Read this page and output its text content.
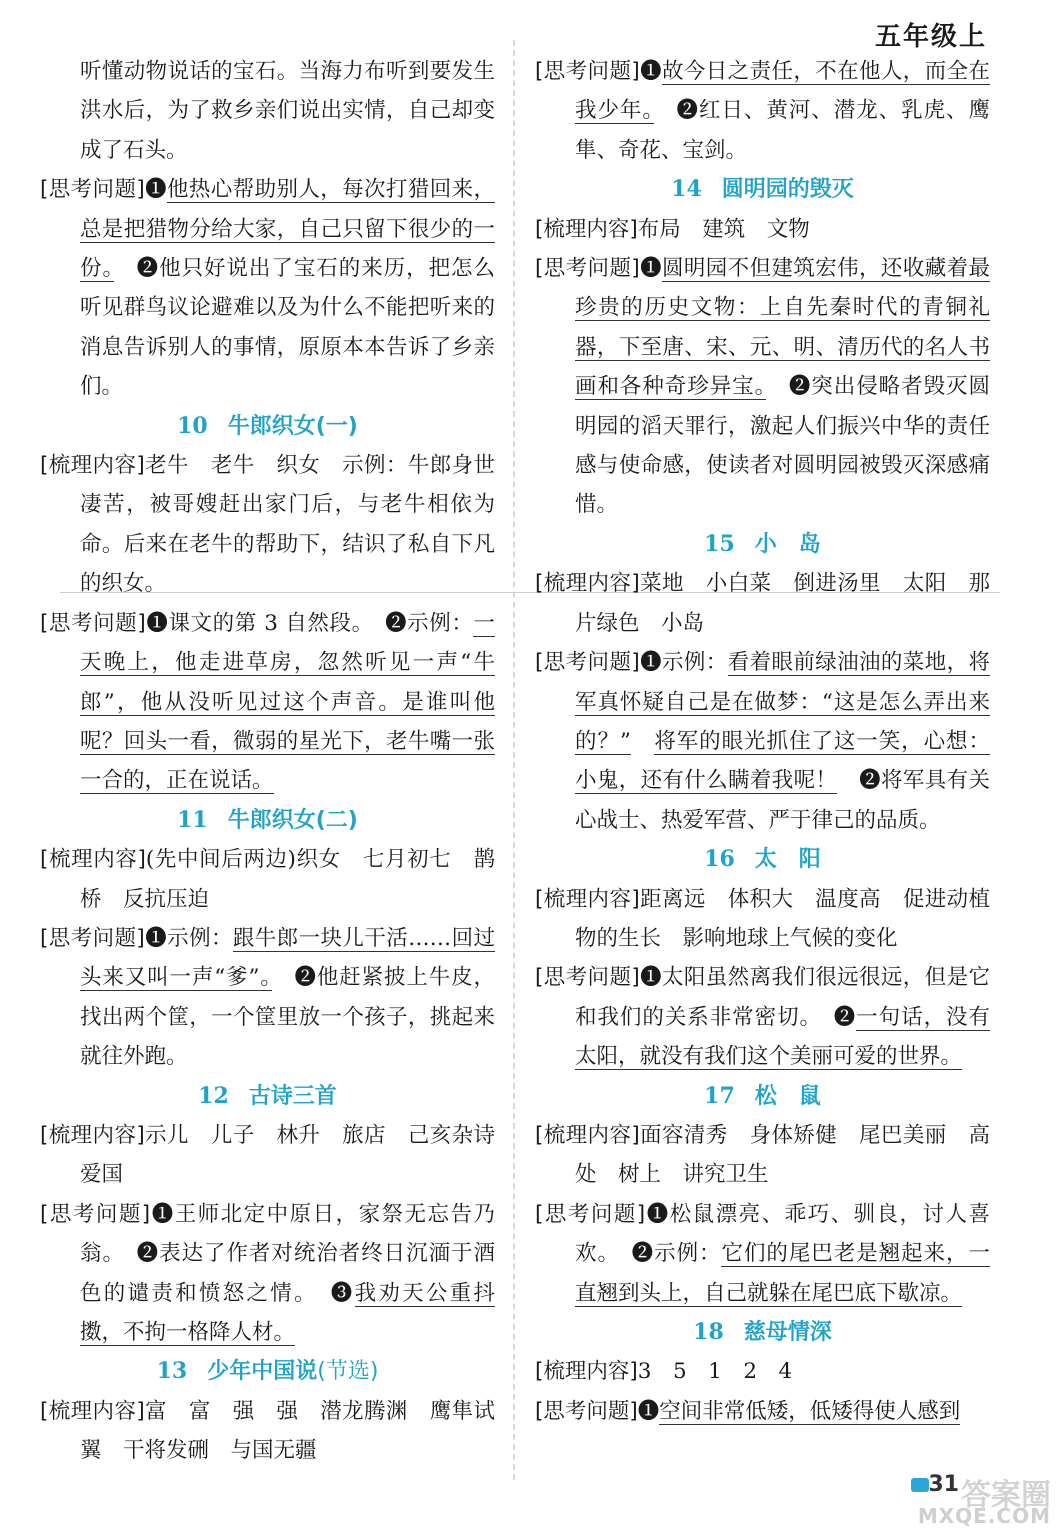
五年级上

听懂动物说话的宝石。当海力布听到要发生洪水后，为了救乡亲们说出实情，自己却变成了石头。

[思考问题]❶他热心帮助别人，每次打猎回来，总是把猎物分给大家，自己只留下很少的一份。　 ❷他只好说出了宝石的来历，把怎么听见群鸟议论避难以及为什么不能把听来的消息告诉别人的事情，原原本本告诉了乡亲们。

10 牛郎织女(一)

[梳理内容]老牛　老牛　织女　示例：牛郎身世凄苦，被哥嫂赶出家门后，与老牛相依为命。后来在老牛的帮助下，结识了私自下凡的织女。

[思考问题]❶课文的第 3 自然段。　 ❷示例：一天晚上，他走进草房，忽然听见一声“牛郎”，他从没听见过这个声音。是谁叫他呢？回头一看，微弱的星光下，老牛嘴一张一合的，正在说话。

11 牛郎织女(二)

[梳理内容](先中间后两边)织女　七月初七　鹊桥　反抗压迫

[思考问题]❶示例：跟牛郎一块儿干活……回过头来又叫一声“爹”。　 ❷他赶紧披上牛皮，找出两个筐，一个筐里放一个孩子，挑起来就往外跑。

12 古诗三首

[梳理内容]示儿　儿子　林升　旅店　己亥杂诗　爱国

[思考问题]❶王师北定中原日，家祭无忘告乃翁。　 ❷表达了作者对统治者终日沉湎于酒色的谴责和愤怒之情。　 ❸我劝天公重抖擞，不拘一格降人材。

13 少年中国说(节选)

[梳理内容]富　富　强　强　潜龙腾渊　鹰隼试翼　干将发硎　与国无疆

[思考问题]❶故今日之责任，不在他人，而全在我少年。　 ❷红日、黄河、潜龙、乳虎、鹰隼、奇花、宝剑。

14 圆明园的毁灭

[梳理内容]布局　建筑　文物

[思考问题]❶圆明园不但建筑宏伟，还收藏着最珍贵的历史文物：上自先秦时代的青铜礼器，下至唐、宋、元、明、清历代的名人书画和各种奇珍异宝。　 ❷突出侵略者毁灭圆明园的滔天罪行，激起人们振兴中华的责任感与使命感，使读者对圆明园被毁灭深感痛惜。

15 小　岛

[梳理内容]菜地　小白菜　倒进汤里　太阳　那片绿色　小岛

[思考问题]❶示例：看着眼前绿油油的菜地，将军真怀疑自己是在做梦：“这是怎么弄出来的？”　 将军的眼光抓住了这一笑，心想：小鬼，还有什么瞒着我呢！　 ❷将军具有关心战士、热爱军营、严于律己的品质。

16 太　阳

[梳理内容]距离远　体积大　温度高　促进动植物的生长　影响地球上气候的变化

[思考问题]❶太阳虽然离我们很远很远，但是它和我们的关系非常密切。　 ❷一句话，没有太阳，就没有我们这个美丽可爱的世界。

17 松　鼠

[梳理内容]面容清秀　身体矫健　尾巴美丽　高处　树上　讲究卫生

[思考问题]❶松鼠漂亮、乖巧、驯良，讨人喜欢。　 ❷示例：它们的尾巴老是翘起来，一直翘到头上，自己就躲在尾巴底下歇凉。

18 慈母情深

[梳理内容]3　5　1　2　4

[思考问题]❶空间非常低矮，低矮得使人感到

31 答案圈
MXQE.COM
